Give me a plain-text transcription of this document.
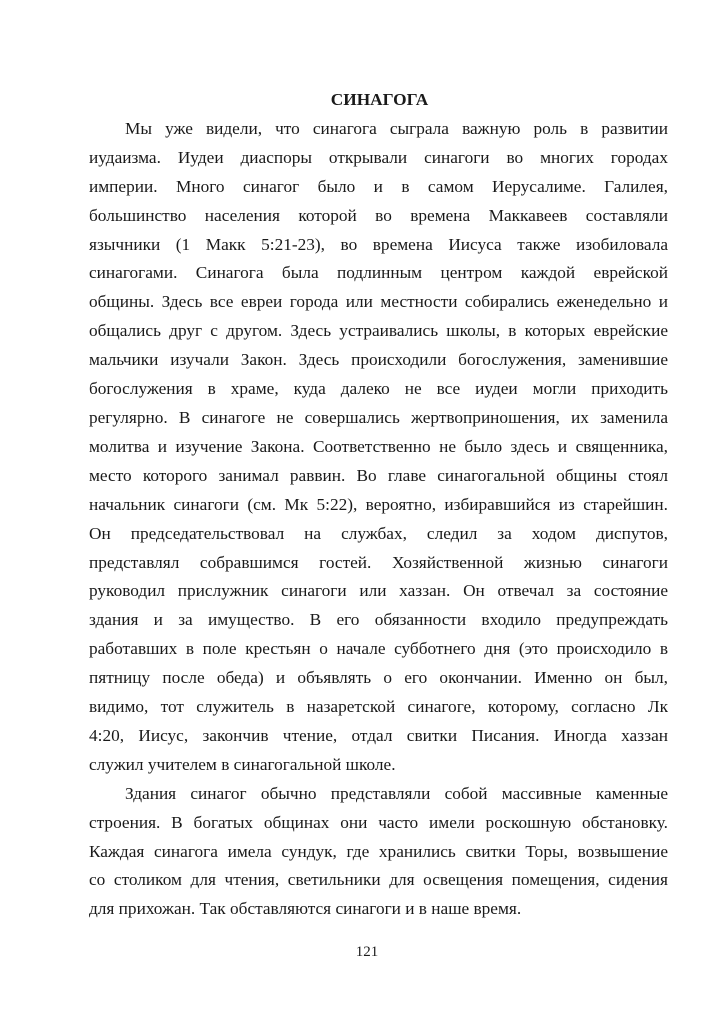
СИНАГОГА

Мы уже видели, что синагога сыграла важную роль в развитии
иудаизма. Иудеи диаспоры открывали синагоги во многих городах
империи. Много синагог было и в самом Иерусалиме. Галилея,
большинство населения которой во времена Маккавеев составляли
язычники (1 Макк 5:21-23), во времена Иисуса также изобиловала
синагогами. Синагога была подлинным центром каждой еврейской
общины. Здесь все евреи города или местности собирались еженедельно и
общались друг с другом. Здесь устраивались школы, в которых еврейские
мальчики изучали Закон. Здесь происходили богослужения, заменившие
богослужения в храме, куда далеко не все иудеи могли приходить
регулярно. В синагоге не совершались жертвоприношения, их заменила
молитва и изучение Закона. Соответственно не было здесь и священника,
место которого занимал раввин. Во главе синагогальной общины стоял
начальник синагоги (см. Мк 5:22), вероятно, избиравшийся из старейшин.
Он председательствовал на службах, следил за ходом диспутов,
представлял собравшимся гостей. Хозяйственной жизнью синагоги
руководил прислужник синагоги или хаззан. Он отвечал за состояние
здания и за имущество. В его обязанности входило предупреждать
работавших в поле крестьян о начале субботнего дня (это происходило в
пятницу после обеда) и объявлять о его окончании. Именно он был,
видимо, тот служитель в назаретской синагоге, которому, согласно Лк
4:20, Иисус, закончив чтение, отдал свитки Писания. Иногда хаззан
служил учителем в синагогальной школе.

Здания синагог обычно представляли собой массивные каменные
строения. В богатых общинах они часто имели роскошную обстановку.
Каждая синагога имела сундук, где хранились свитки Торы, возвышение
со столиком для чтения, светильники для освещения помещения, сидения
для прихожан. Так обставляются синагоги и в наше время.

121
